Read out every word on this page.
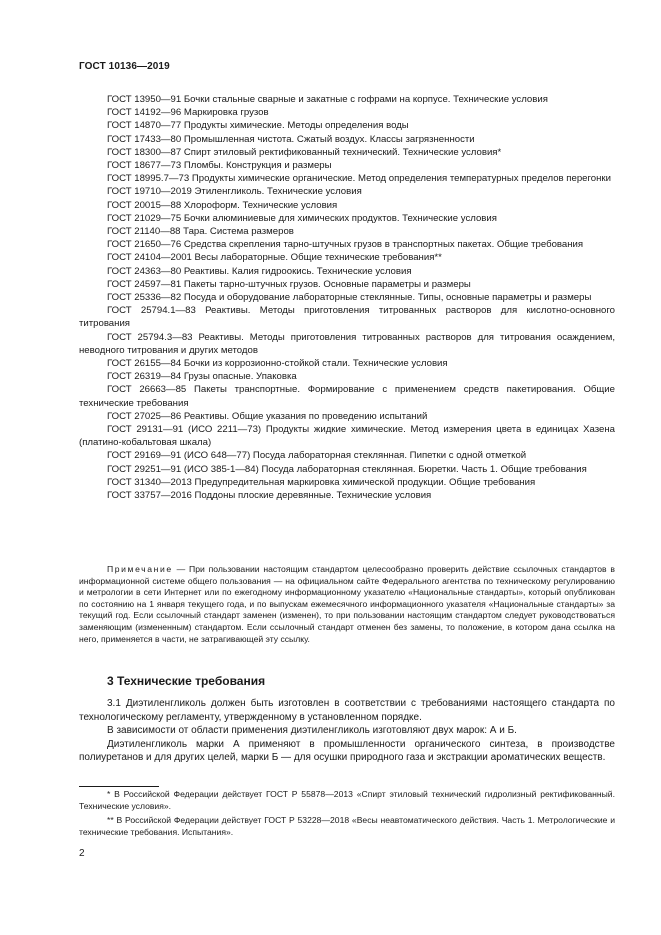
ГОСТ 10136—2019
ГОСТ 13950—91 Бочки стальные сварные и закатные с гофрами на корпусе. Технические условия
ГОСТ 14192—96 Маркировка грузов
ГОСТ 14870—77 Продукты химические. Методы определения воды
ГОСТ 17433—80 Промышленная чистота. Сжатый воздух. Классы загрязненности
ГОСТ 18300—87 Спирт этиловый ректификованный технический. Технические условия*
ГОСТ 18677—73 Пломбы. Конструкция и размеры
ГОСТ 18995.7—73 Продукты химические органические. Метод определения температурных пределов перегонки
ГОСТ 19710—2019 Этиленгликоль. Технические условия
ГОСТ 20015—88 Хлороформ. Технические условия
ГОСТ 21029—75 Бочки алюминиевые для химических продуктов. Технические условия
ГОСТ 21140—88 Тара. Система размеров
ГОСТ 21650—76 Средства скрепления тарно-штучных грузов в транспортных пакетах. Общие требования
ГОСТ 24104—2001 Весы лабораторные. Общие технические требования**
ГОСТ 24363—80 Реактивы. Калия гидроокись. Технические условия
ГОСТ 24597—81 Пакеты тарно-штучных грузов. Основные параметры и размеры
ГОСТ 25336—82 Посуда и оборудование лабораторные стеклянные. Типы, основные параметры и размеры
ГОСТ 25794.1—83 Реактивы. Методы приготовления титрованных растворов для кислотно-основного титрования
ГОСТ 25794.3—83 Реактивы. Методы приготовления титрованных растворов для титрования осаждением, неводного титрования и других методов
ГОСТ 26155—84 Бочки из коррозионно-стойкой стали. Технические условия
ГОСТ 26319—84 Грузы опасные. Упаковка
ГОСТ 26663—85 Пакеты транспортные. Формирование с применением средств пакетирования. Общие технические требования
ГОСТ 27025—86 Реактивы. Общие указания по проведению испытаний
ГОСТ 29131—91 (ИСО 2211—73) Продукты жидкие химические. Метод измерения цвета в единицах Хазена (платино-кобальтовая шкала)
ГОСТ 29169—91 (ИСО 648—77) Посуда лабораторная стеклянная. Пипетки с одной отметкой
ГОСТ 29251—91 (ИСО 385-1—84) Посуда лабораторная стеклянная. Бюретки. Часть 1. Общие требования
ГОСТ 31340—2013 Предупредительная маркировка химической продукции. Общие требования
ГОСТ 33757—2016 Поддоны плоские деревянные. Технические условия
Примечание — При пользовании настоящим стандартом целесообразно проверить действие ссылочных стандартов в информационной системе общего пользования — на официальном сайте Федерального агентства по техническому регулированию и метрологии в сети Интернет или по ежегодному информационному указателю «Национальные стандарты», который опубликован по состоянию на 1 января текущего года, и по выпускам ежемесячного информационного указателя «Национальные стандарты» за текущий год. Если ссылочный стандарт заменен (изменен), то при пользовании настоящим стандартом следует руководствоваться заменяющим (измененным) стандартом. Если ссылочный стандарт отменен без замены, то положение, в котором дана ссылка на него, применяется в части, не затрагивающей эту ссылку.
3 Технические требования

3.1 Диэтиленгликоль должен быть изготовлен в соответствии с требованиями настоящего стандарта по технологическому регламенту, утвержденному в установленном порядке.

В зависимости от области применения диэтиленгликоль изготовляют двух марок: А и Б.

Диэтиленгликоль марки А применяют в промышленности органического синтеза, в производстве полиуретанов и для других целей, марки Б — для осушки природного газа и экстракции ароматических веществ.

* В Российской Федерации действует ГОСТ Р 55878—2013 «Спирт этиловый технический гидролизный ректификованный. Технические условия».

** В Российской Федерации действует ГОСТ Р 53228—2018 «Весы неавтоматического действия. Часть 1. Метрологические и технические требования. Испытания».

2
